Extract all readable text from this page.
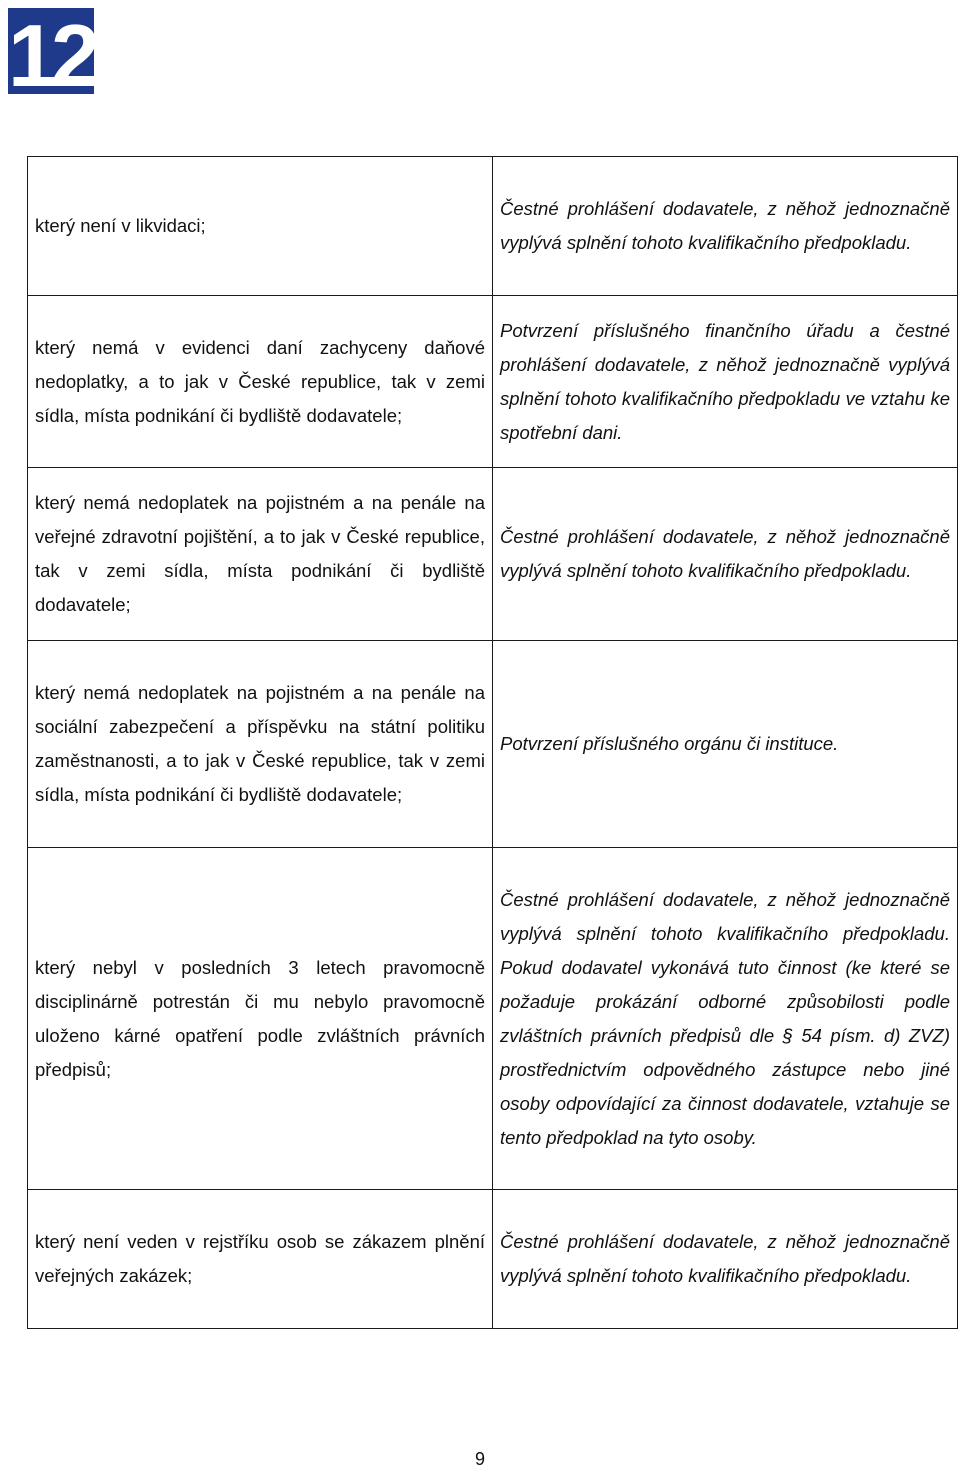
12
který není v likvidaci;	Čestné prohlášení dodavatele, z něhož jednoznačně vyplývá splnění tohoto kvalifikačního předpokladu.
který nemá v evidenci daní zachyceny daňové nedoplatky, a to jak v České republice, tak v zemi sídla, místa podnikání či bydliště dodavatele;	Potvrzení příslušného finančního úřadu a čestné prohlášení dodavatele, z něhož jednoznačně vyplývá splnění tohoto kvalifikačního předpokladu ve vztahu ke spotřební dani.
který nemá nedoplatek na pojistném a na penále na veřejné zdravotní pojištění, a to jak v České republice, tak v zemi sídla, místa podnikání či bydliště dodavatele;	Čestné prohlášení dodavatele, z něhož jednoznačně vyplývá splnění tohoto kvalifikačního předpokladu.
který nemá nedoplatek na pojistném a na penále na sociální zabezpečení a příspěvku na státní politiku zaměstnanosti, a to jak v České republice, tak v zemi sídla, místa podnikání či bydliště dodavatele;	Potvrzení příslušného orgánu či instituce.
který nebyl v posledních 3 letech pravomocně disciplinárně potrestán či mu nebylo pravomocně uloženo kárné opatření podle zvláštních právních předpisů;	Čestné prohlášení dodavatele, z něhož jednoznačně vyplývá splnění tohoto kvalifikačního předpokladu. Pokud dodavatel vykonává tuto činnost (ke které se požaduje prokázání odborné způsobilosti podle zvláštních právních předpisů dle § 54 písm. d) ZVZ) prostřednictvím odpovědného zástupce nebo jiné osoby odpovídající za činnost dodavatele, vztahuje se tento předpoklad na tyto osoby.
který není veden v rejstříku osob se zákazem plnění veřejných zakázek;	Čestné prohlášení dodavatele, z něhož jednoznačně vyplývá splnění tohoto kvalifikačního předpokladu.
9
